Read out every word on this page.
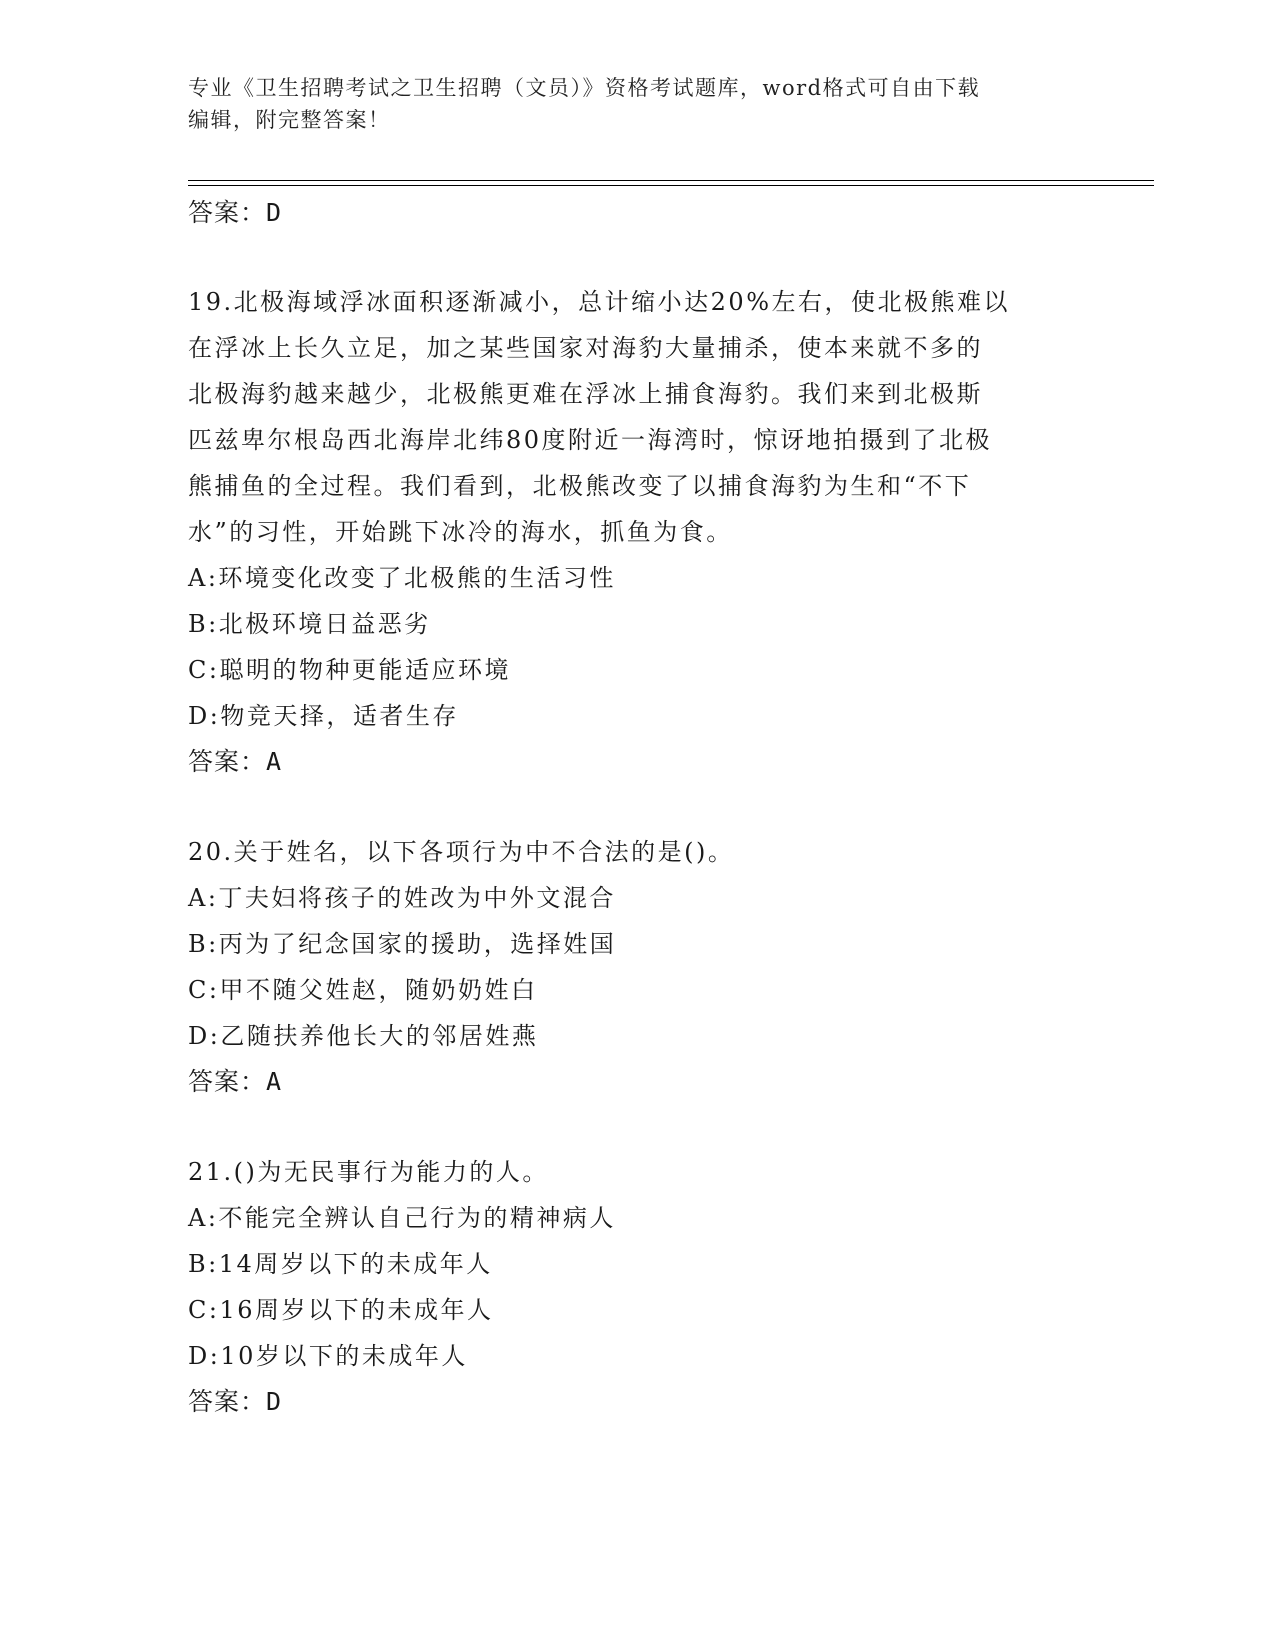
专业《卫生招聘考试之卫生招聘（文员）》资格考试题库，word格式可自由下载
编辑，附完整答案！
答案：D
19.北极海域浮冰面积逐渐减小，总计缩小达20%左右，使北极熊难以
在浮冰上长久立足，加之某些国家对海豹大量捕杀，使本来就不多的
北极海豹越来越少，北极熊更难在浮冰上捕食海豹。我们来到北极斯
匹兹卑尔根岛西北海岸北纬80度附近一海湾时，惊讶地拍摄到了北极
熊捕鱼的全过程。我们看到，北极熊改变了以捕食海豹为生和“不下
水”的习性，开始跳下冰冷的海水，抓鱼为食。
A:环境变化改变了北极熊的生活习性
B:北极环境日益恶劣
C:聪明的物种更能适应环境
D:物竞天择，适者生存
答案：A
20.关于姓名，以下各项行为中不合法的是()。
A:丁夫妇将孩子的姓改为中外文混合
B:丙为了纪念国家的援助，选择姓国
C:甲不随父姓赵，随奶奶姓白
D:乙随扶养他长大的邻居姓燕
答案：A
21.()为无民事行为能力的人。
A:不能完全辨认自己行为的精神病人
B:14周岁以下的未成年人
C:16周岁以下的未成年人
D:10岁以下的未成年人
答案：D
